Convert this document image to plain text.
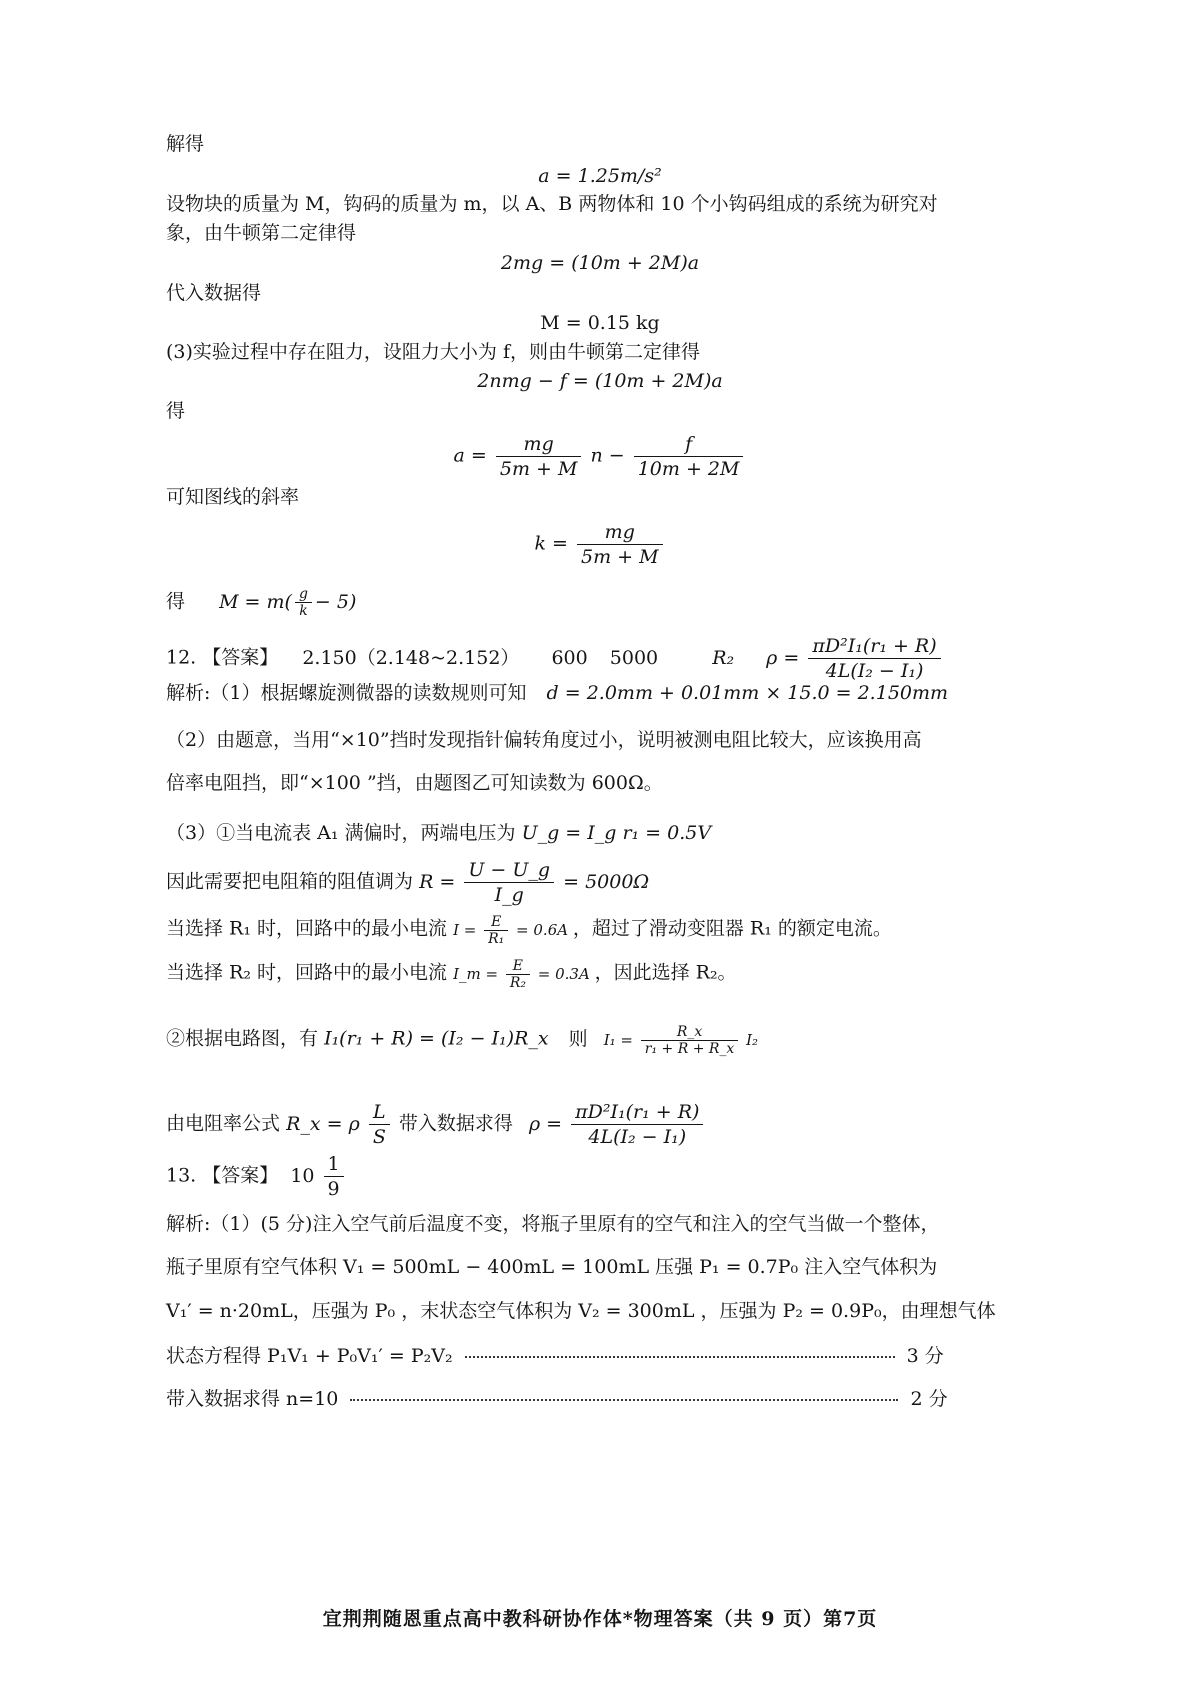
解得
a = 1.25m/s²
设物块的质量为 M，钩码的质量为 m，以 A、B 两物体和 10 个小钩码组成的系统为研究对
象，由牛顿第二定律得
2mg = (10m + 2M)a
代入数据得
M = 0.15 kg
(3)实验过程中存在阻力，设阻力大小为 f，则由牛顿第二定律得
2nmg − f = (10m + 2M)a
得
$a = \frac{mg}{5m + M}$ $n - \frac{f}{10m + 2M}$
可知图线的斜率
$k = \frac{mg}{5m + M}$
得 $M = m( \frac{g}{k} - 5)$
12. 【答案】 2.150（2.148~2.152） 600 5000	R₂ $\rho = \frac{\text{πD²I₁(r₁ + R)}}{\text{4L(I₂ − I₁)}}$
解析:（1）根据螺旋测微器的读数规则可知 d = 2.0mm + 0.01mm × 15.0 = 2.150mm
（2）由题意，当用“×10”挡时发现指针偏转角度过小，说明被测电阻比较大，应该换用高
倍率电阻挡，即“×100 ”挡，由题图乙可知读数为 600Ω。
（3）①当电流表 A₁ 满偏时，两端电压为 U_g = I_g r₁ = 0.5V
因此需要把电阻箱的阻值调为 $R = \frac{U - U\_g}{I\_g} = 5000\Omega$
当选择 R₁ 时，回路中的最小电流 $I = \frac{E}{\text{R₁}} = 0.6A$ ，超过了滑动变阻器 R₁ 的额定电流。
当选择 R₂ 时，回路中的最小电流 I_m = $\frac{E}{\text{R₂}} = 0.3A$ ，因此选择 R₂。
②根据电路图，有 I₁(r₁ + R) = (I₂ − I₁)R_x 则 $I_1 = \frac{R\_x}{\text{r₁ + R + R\_x}} I_2$
由电阻率公式 R_x = ρ $\frac{L}{S}$ 带入数据求得 $\rho = \frac{\text{πD²I₁(r₁ + R)}}{\text{4L(I₂ − I₁)}}$
13. 【答案】 $10 \frac{1}{9}$
解析:（1）(5 分)注入空气前后温度不变，将瓶子里原有的空气和注入的空气当做一个整体，
瓶子里原有空气体积 V₁ = 500mL − 400mL = 100mL 压强 P₁ = 0.7P₀ 注入空气体积为
V₁′ = n·20mL，压强为 P₀ ，末状态空气体积为 V₂ = 300mL ，压强为 P₂ = 0.9P₀，由理想气体
状态方程得 P₁V₁ + P₀V₁′ = P₂V₂	3 分
带入数据求得 n=10	2 分
宜荆荆随恩重点高中教科研协作体*物理答案（共 9 页）第7页
